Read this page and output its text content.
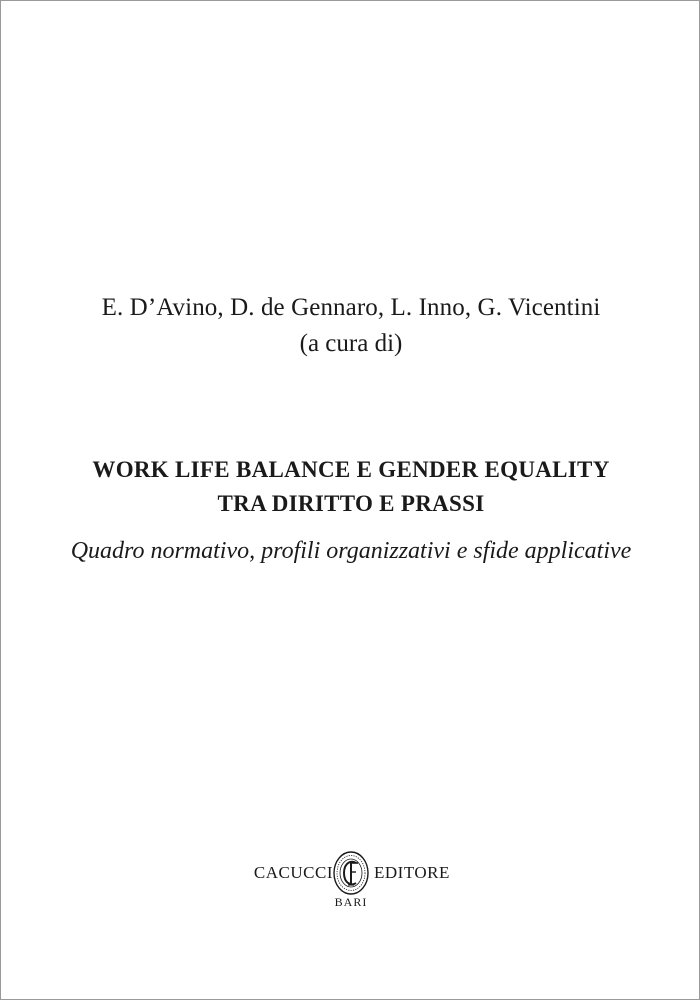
E. D’Avino, D. de Gennaro, L. Inno, G. Vicentini
(a cura di)
WORK LIFE BALANCE E GENDER EQUALITY
TRA DIRITTO E PRASSI
Quadro normativo, profili organizzativi e sfide applicative
CACUCCI EDITORE
BARI
